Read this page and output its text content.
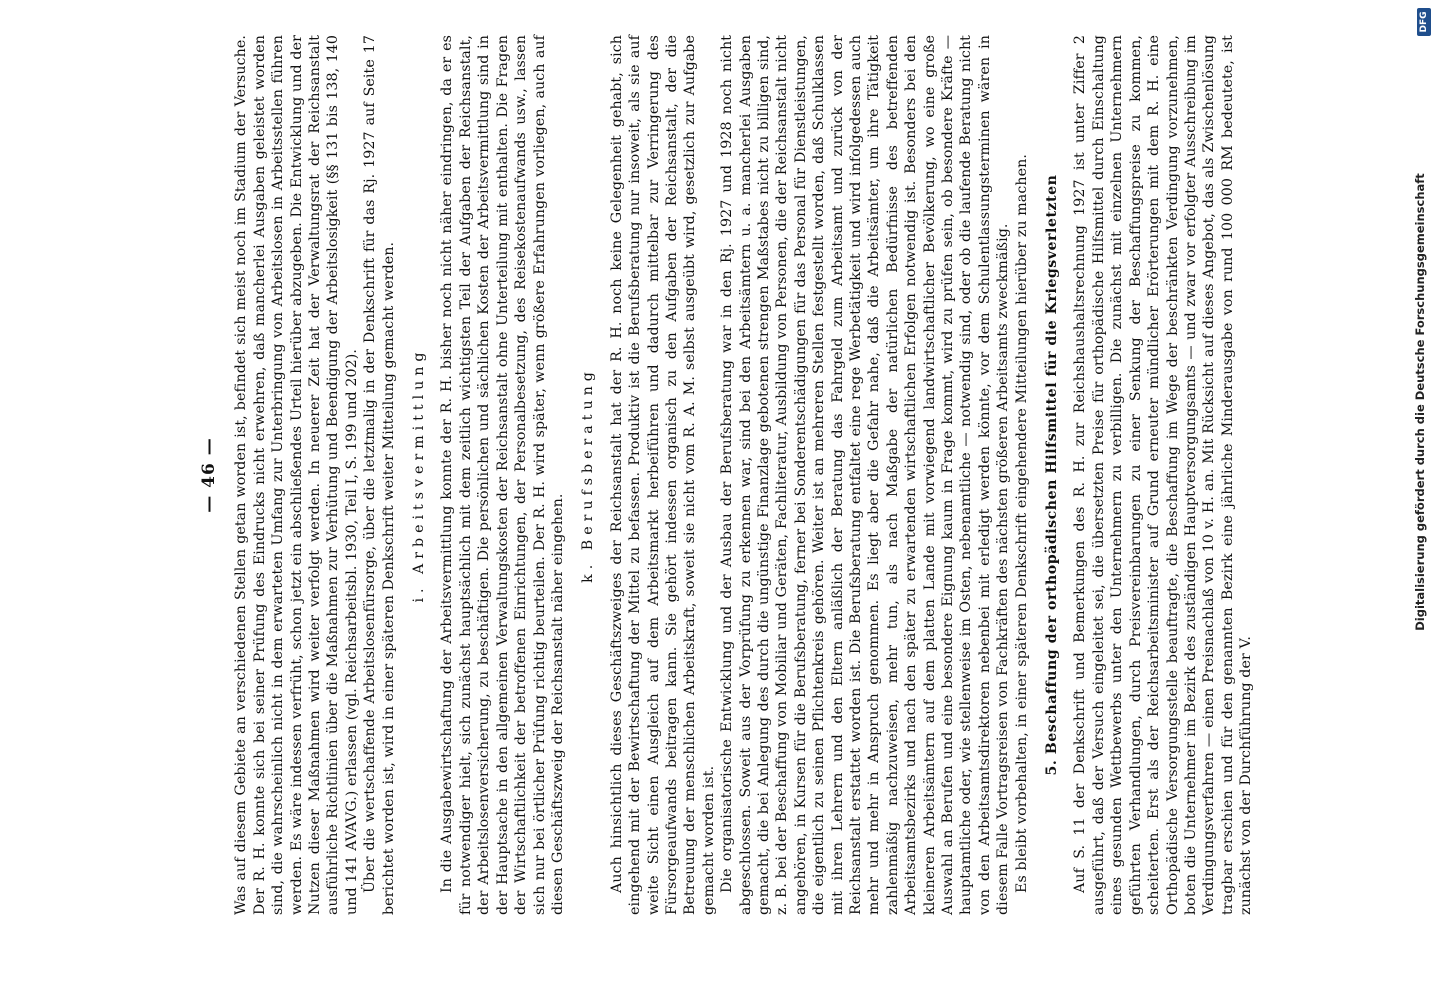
— 46 — Was auf diesem Gebiete an verschiedenen Stellen getan worden ist, befindet sich meist noch im Stadium der Versuche. Der R. H. konnte sich bei seiner Prüfung des Eindrucks nicht erwehren, daß mancherlei Ausgaben geleistet worden sind, die wahrscheinlich nicht in dem erwarteten Umfang zur Unterbringung von Arbeitslosen in Arbeitsstellen führen werden. Es wäre indessen verfrüht, schon jetzt ein abschließendes Urteil hierüber abzugeben. Die Entwicklung und der Nutzen dieser Maßnahmen wird weiter verfolgt werden. In neuerer Zeit hat der Verwaltungsrat der Reichsanstalt ausführliche Richtlinien über die Maßnahmen zur Verhütung und Beendigung der Arbeitslosigkeit (§§ 131 bis 138, 140 und 141 AVAVG.) erlassen (vgl. Reichsarbeitsbl. 1930, Teil I, S. 199 und 202). Über die wertschaffende Arbeitslosenfürsorge, über die letztmalig in der Denkschrift für das Rj. 1927 auf Seite 17 berichtet worden ist, wird in einer späteren Denkschrift weiter Mitteilung gemacht werden. i. Arbeitsvermittlung In die Ausgabewirtschaftung der Arbeitsvermittlung konnte der R. H. bisher noch nicht näher eindringen, da er es für notwendiger hielt, sich zunächst hauptsächlich mit dem zeitlich wichtigsten Teil der Aufgaben der Reichsanstalt, der Arbeitslosenversicherung, zu beschäftigen. Die persönlichen und sächlichen Kosten der Arbeitsvermittlung sind in der Hauptsache in den allgemeinen Verwaltungskosten der Reichsanstalt ohne Unterteilung mit enthalten. Die Fragen der Wirtschaftlichkeit der betroffenen Einrichtungen, der Personalbesetzung, des Reisekostenaufwands usw., lassen sich nur bei örtlicher Prüfung richtig beurteilen. Der R. H. wird später, wenn größere Erfahrungen vorliegen, auch auf diesen Geschäftszweig der Reichsanstalt näher eingehen.

k. Berufsberatung Auch hinsichtlich dieses Geschäftszweiges der Reichsanstalt hat der R. H. noch keine Gelegenheit gehabt, sich eingehend mit der Bewirtschaftung der Mittel zu befassen. Produktiv ist die Berufsberatung nur insoweit, als sie auf weite Sicht einen Ausgleich auf dem Arbeitsmarkt herbeiführen und dadurch mittelbar zur Verringerung des Fürsorgeaufwands beitragen kann. Sie gehört indessen organisch zu den Aufgaben der Reichsanstalt, der die Betreuung der menschlichen Arbeitskraft, soweit sie nicht vom R. A. M. selbst ausgeübt wird, gesetzlich zur Aufgabe gemacht worden ist. Die organisatorische Entwicklung und der Ausbau der Berufsberatung war in den Rj. 1927 und 1928 noch nicht abgeschlossen. Soweit aus der Vorprüfung zu erkennen war, sind bei den Arbeitsämtern u. a. mancherlei Ausgaben gemacht, die bei Anlegung des durch die ungünstige Finanzlage gebotenen strengen Maßstabes nicht zu billigen sind, z. B. bei der Beschaffung von Mobiliar und Geräten, Fachliteratur, Ausbildung von Personen, die der Reichsanstalt nicht angehören, in Kursen für die Berufsberatung, ferner bei Sonderentschädigungen für das Personal für Dienstleistungen, die eigentlich zu seinen Pflichtenkreis gehören. Weiter ist an mehreren Stellen festgestellt worden, daß Schulklassen mit ihren Lehrern und den Eltern anläßlich der Beratung das Fahrgeld zum Arbeitsamt und zurück von der Reichsanstalt erstattet worden ist. Die Berufsberatung entfaltet eine rege Werbetätigkeit und wird infolgedessen auch mehr und mehr in Anspruch genommen. Es liegt aber die Gefahr nahe, daß die Arbeitsämter, um ihre Tätigkeit zahlenmäßig nachzuweisen, mehr tun, als nach Maßgabe der natürlichen Bedürfnisse des betreffenden Arbeitsamtsbezirks und nach den später zu erwartenden wirtschaftlichen Erfolgen notwendig ist. Besonders bei den kleineren Arbeitsämtern auf dem platten Lande mit vorwiegend landwirtschaftlicher Bevölkerung, wo eine große Auswahl an Berufen und eine besondere Eignung kaum in Frage kommt, wird zu prüfen sein, ob besondere Kräfte — hauptamtliche oder, wie stellenweise im Osten, nebenamtliche — notwendig sind, oder ob die laufende Beratung nicht von den Arbeitsamtsdirektoren nebenbei mit erledigt werden könnte, vor dem Schulentlassungsterminen wären in diesem Falle Vortragsreisen von Fachkräften des nächsten größeren Arbeitsamts zweckmäßig. Es bleibt vorbehalten, in einer späteren Denkschrift eingehendere Mitteilungen hierüber zu machen. 5. Beschaffung der orthopädischen Hilfsmittel für die Kriegsverletzten Auf S. 11 der Denkschrift und Bemerkungen des R. H. zur Reichshaushaltsrechnung 1927 ist unter Ziffer 2 ausgeführt, daß der Versuch eingeleitet sei, die übersetzten Preise für orthopädische Hilfsmittel durch Einschaltung eines gesunden Wettbewerbs unter den Unternehmern zu verbilligen. Die zunächst mit einzelnen Unternehmern geführten Verhandlungen, durch Preisvereinbarungen zu einer Senkung der Beschaffungspreise zu kommen, scheiterten. Erst als der Reichsarbeitsminister auf Grund erneuter mündlicher Erörterungen mit dem R. H. eine Orthopädische Versorgungsstelle beauftragte, die Beschaffung im Wege der beschränkten Verdingung vorzunehmen, boten die Unternehmer im Bezirk des zuständigen Hauptversorgungsamts — und zwar vor erfolgter Ausschreibung im Verdingungsverfahren — einen Preisnachlaß von 10 v. H. an. Mit Rücksicht auf dieses Angebot, das als Zwischenlösung tragbar erschien und für den genannten Bezirk eine jährliche Minderausgabe von rund 100 000 RM bedeutete, ist zunächst von der Durchführung der V.

DFG
Digitalisierung gefördert durch die Deutsche Forschungsgemeinschaft
